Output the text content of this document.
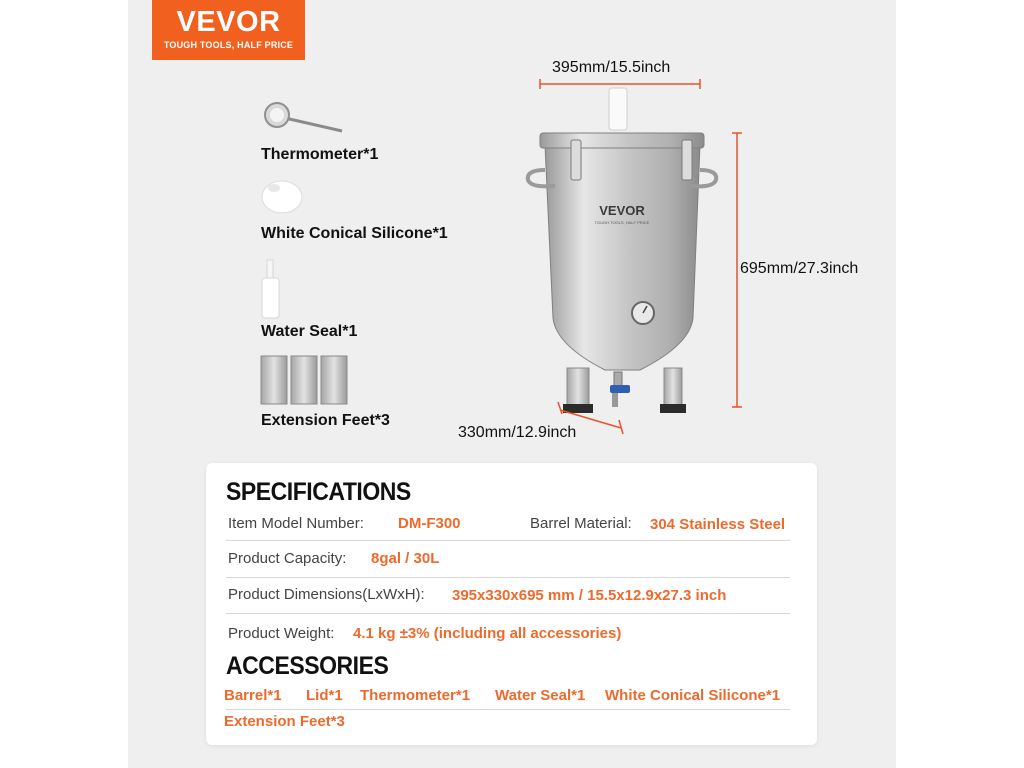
VEVOR
TOUGH TOOLS, HALF PRICE
VEVOR
TOUGH TOOLS, HALF PRICE
Thermometer*1
White Conical Silicone*1
Water Seal*1
Extension Feet*3
395mm/15.5inch
695mm/27.3inch
330mm/12.9inch
SPECIFICATIONS
Item Model Number: DM-F300	Barrel Material: 304 Stainless Steel
Product Capacity: 8gal / 30L
Product Dimensions(LxWxH): 395x330x695 mm / 15.5x12.9x27.3 inch
Product Weight: 4.1 kg ±3% (including all accessories)
ACCESSORIES
Barrel*1 Lid*1 Thermometer*1 Water Seal*1 White Conical Silicone*1
Extension Feet*3
